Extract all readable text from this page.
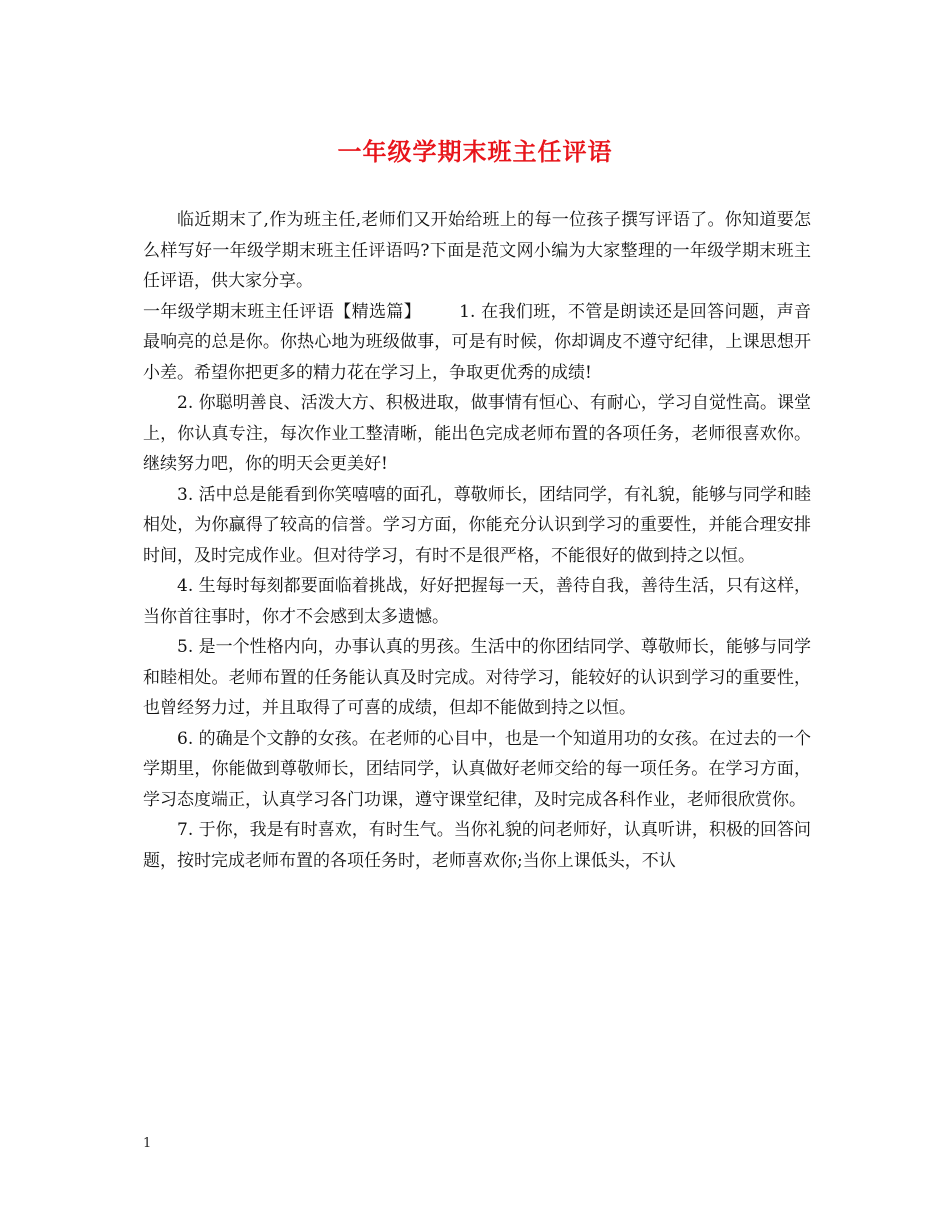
一年级学期末班主任评语

临近期末了,作为班主任,老师们又开始给班上的每一位孩子撰写评语了。你知道要怎么样写好一年级学期末班主任评语吗?下面是范文网小编为大家整理的一年级学期末班主任评语，供大家分享。

一年级学期末班主任评语【精选篇】 1. 在我们班，不管是朗读还是回答问题，声音最响亮的总是你。你热心地为班级做事，可是有时候，你却调皮不遵守纪律，上课思想开小差。希望你把更多的精力花在学习上，争取更优秀的成绩!

2. 你聪明善良、活泼大方、积极进取，做事情有恒心、有耐心，学习自觉性高。课堂上，你认真专注，每次作业工整清晰，能出色完成老师布置的各项任务，老师很喜欢你。继续努力吧，你的明天会更美好!

3. 活中总是能看到你笑嘻嘻的面孔，尊敬师长，团结同学，有礼貌，能够与同学和睦相处，为你赢得了较高的信誉。学习方面，你能充分认识到学习的重要性，并能合理安排时间，及时完成作业。但对待学习，有时不是很严格，不能很好的做到持之以恒。

4. 生每时每刻都要面临着挑战，好好把握每一天，善待自我，善待生活，只有这样，当你首往事时，你才不会感到太多遗憾。

5. 是一个性格内向，办事认真的男孩。生活中的你团结同学、尊敬师长，能够与同学和睦相处。老师布置的任务能认真及时完成。对待学习，能较好的认识到学习的重要性，也曾经努力过，并且取得了可喜的成绩，但却不能做到持之以恒。

6. 的确是个文静的女孩。在老师的心目中，也是一个知道用功的女孩。在过去的一个学期里，你能做到尊敬师长，团结同学，认真做好老师交给的每一项任务。在学习方面，学习态度端正，认真学习各门功课，遵守课堂纪律，及时完成各科作业，老师很欣赏你。

7. 于你，我是有时喜欢，有时生气。当你礼貌的问老师好，认真听讲，积极的回答问题，按时完成老师布置的各项任务时，老师喜欢你;当你上课低头，不认

1
